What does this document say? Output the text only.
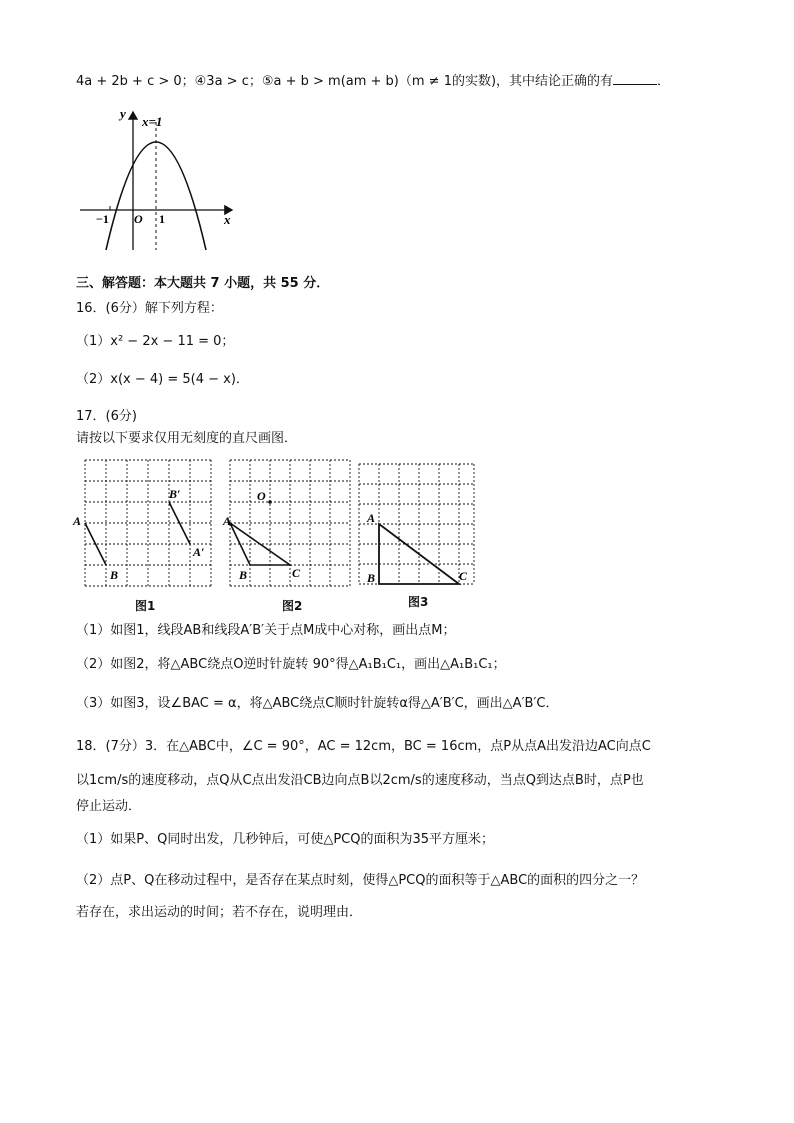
4a + 2b + c > 0；④3a > c；⑤a + b > m(am + b)（m ≠ 1的实数)，其中结论正确的有	．
y
x
x=1
O
−1	1
三、解答题：本大题共 7 小题，共 55 分．
16．(6分）解下列方程：
（1）x² − 2x − 11 = 0；
（2）x(x − 4) = 5(4 − x)．
17．(6分)
请按以下要求仅用无刻度的直尺画图．
A
B
B′
A′
图1
O
A
B	C
图2
A
B	C
图3
（1）如图1，线段AB和线段A′B′关于点M成中心对称，画出点M；
（2）如图2，将△ABC绕点O逆时针旋转 90°得△A₁B₁C₁，画出△A₁B₁C₁；
（3）如图3，设∠BAC = α，将△ABC绕点C顺时针旋转α得△A′B′C，画出△A′B′C．
18．(7分）3．在△ABC中，∠C = 90°，AC = 12cm，BC = 16cm，点P从点A出发沿边AC向点C
以1cm/s的速度移动，点Q从C点出发沿CB边向点B以2cm/s的速度移动，当点Q到达点B时，点P也
停止运动．
（1）如果P、Q同时出发，几秒钟后，可使△PCQ的面积为35平方厘米；
（2）点P、Q在移动过程中，是否存在某点时刻，使得△PCQ的面积等于△ABC的面积的四分之一？
若存在，求出运动的时间；若不存在，说明理由．
